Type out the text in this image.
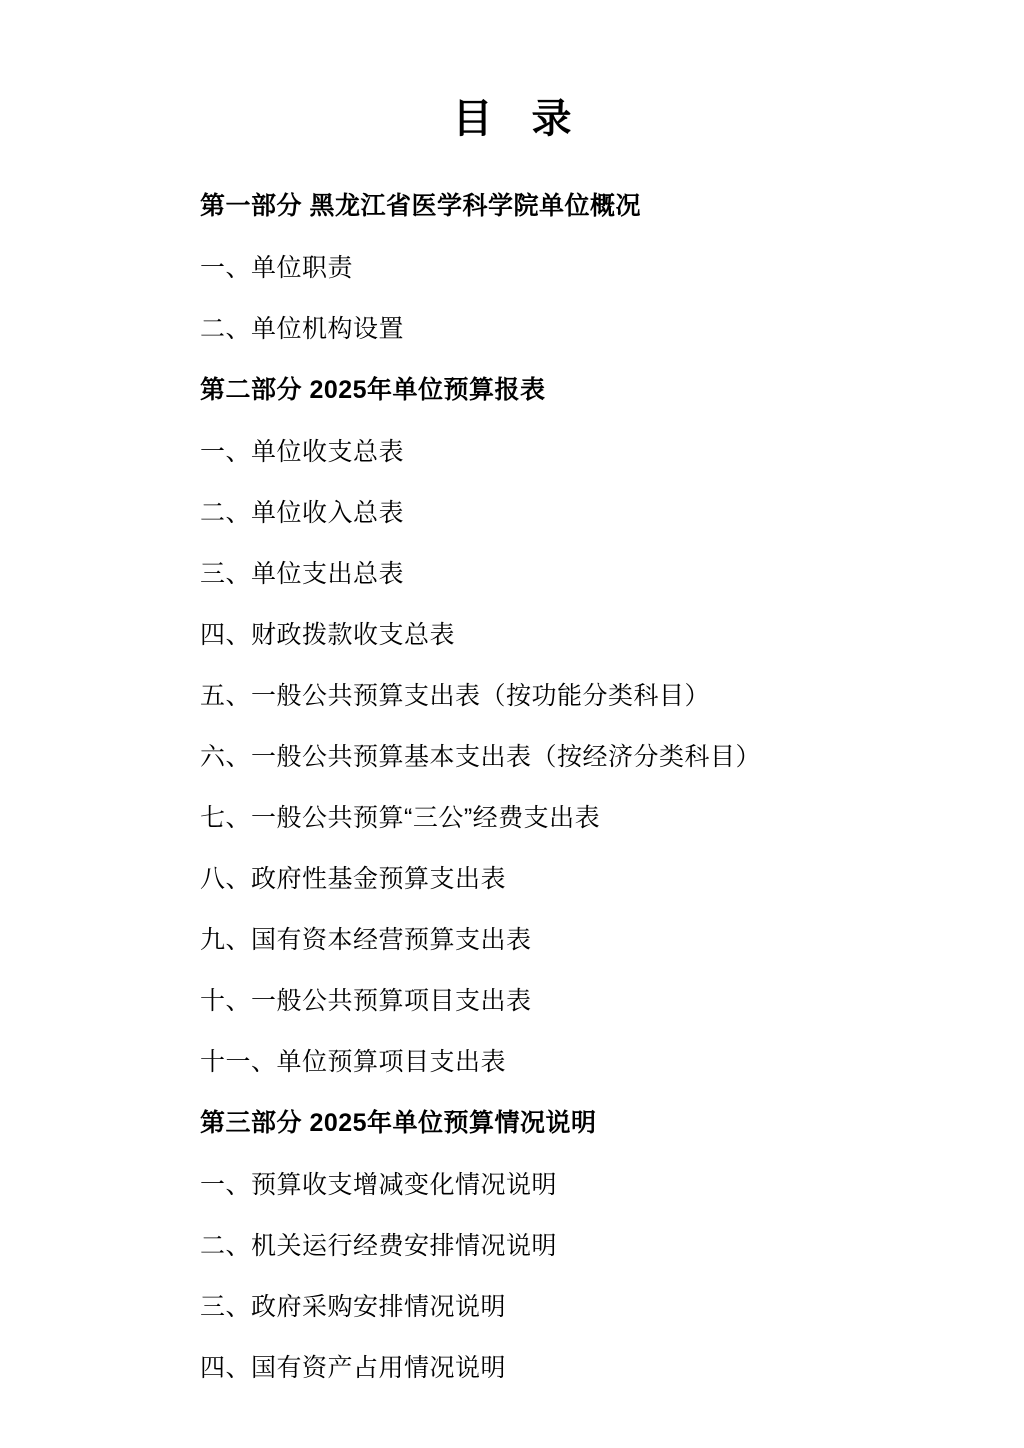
目 录
第一部分 黑龙江省医学科学院单位概况
一、单位职责
二、单位机构设置
第二部分 2025年单位预算报表
一、单位收支总表
二、单位收入总表
三、单位支出总表
四、财政拨款收支总表
五、一般公共预算支出表（按功能分类科目）
六、一般公共预算基本支出表（按经济分类科目）
七、一般公共预算“三公”经费支出表
八、政府性基金预算支出表
九、国有资本经营预算支出表
十、一般公共预算项目支出表
十一、单位预算项目支出表
第三部分 2025年单位预算情况说明
一、预算收支增减变化情况说明
二、机关运行经费安排情况说明
三、政府采购安排情况说明
四、国有资产占用情况说明
